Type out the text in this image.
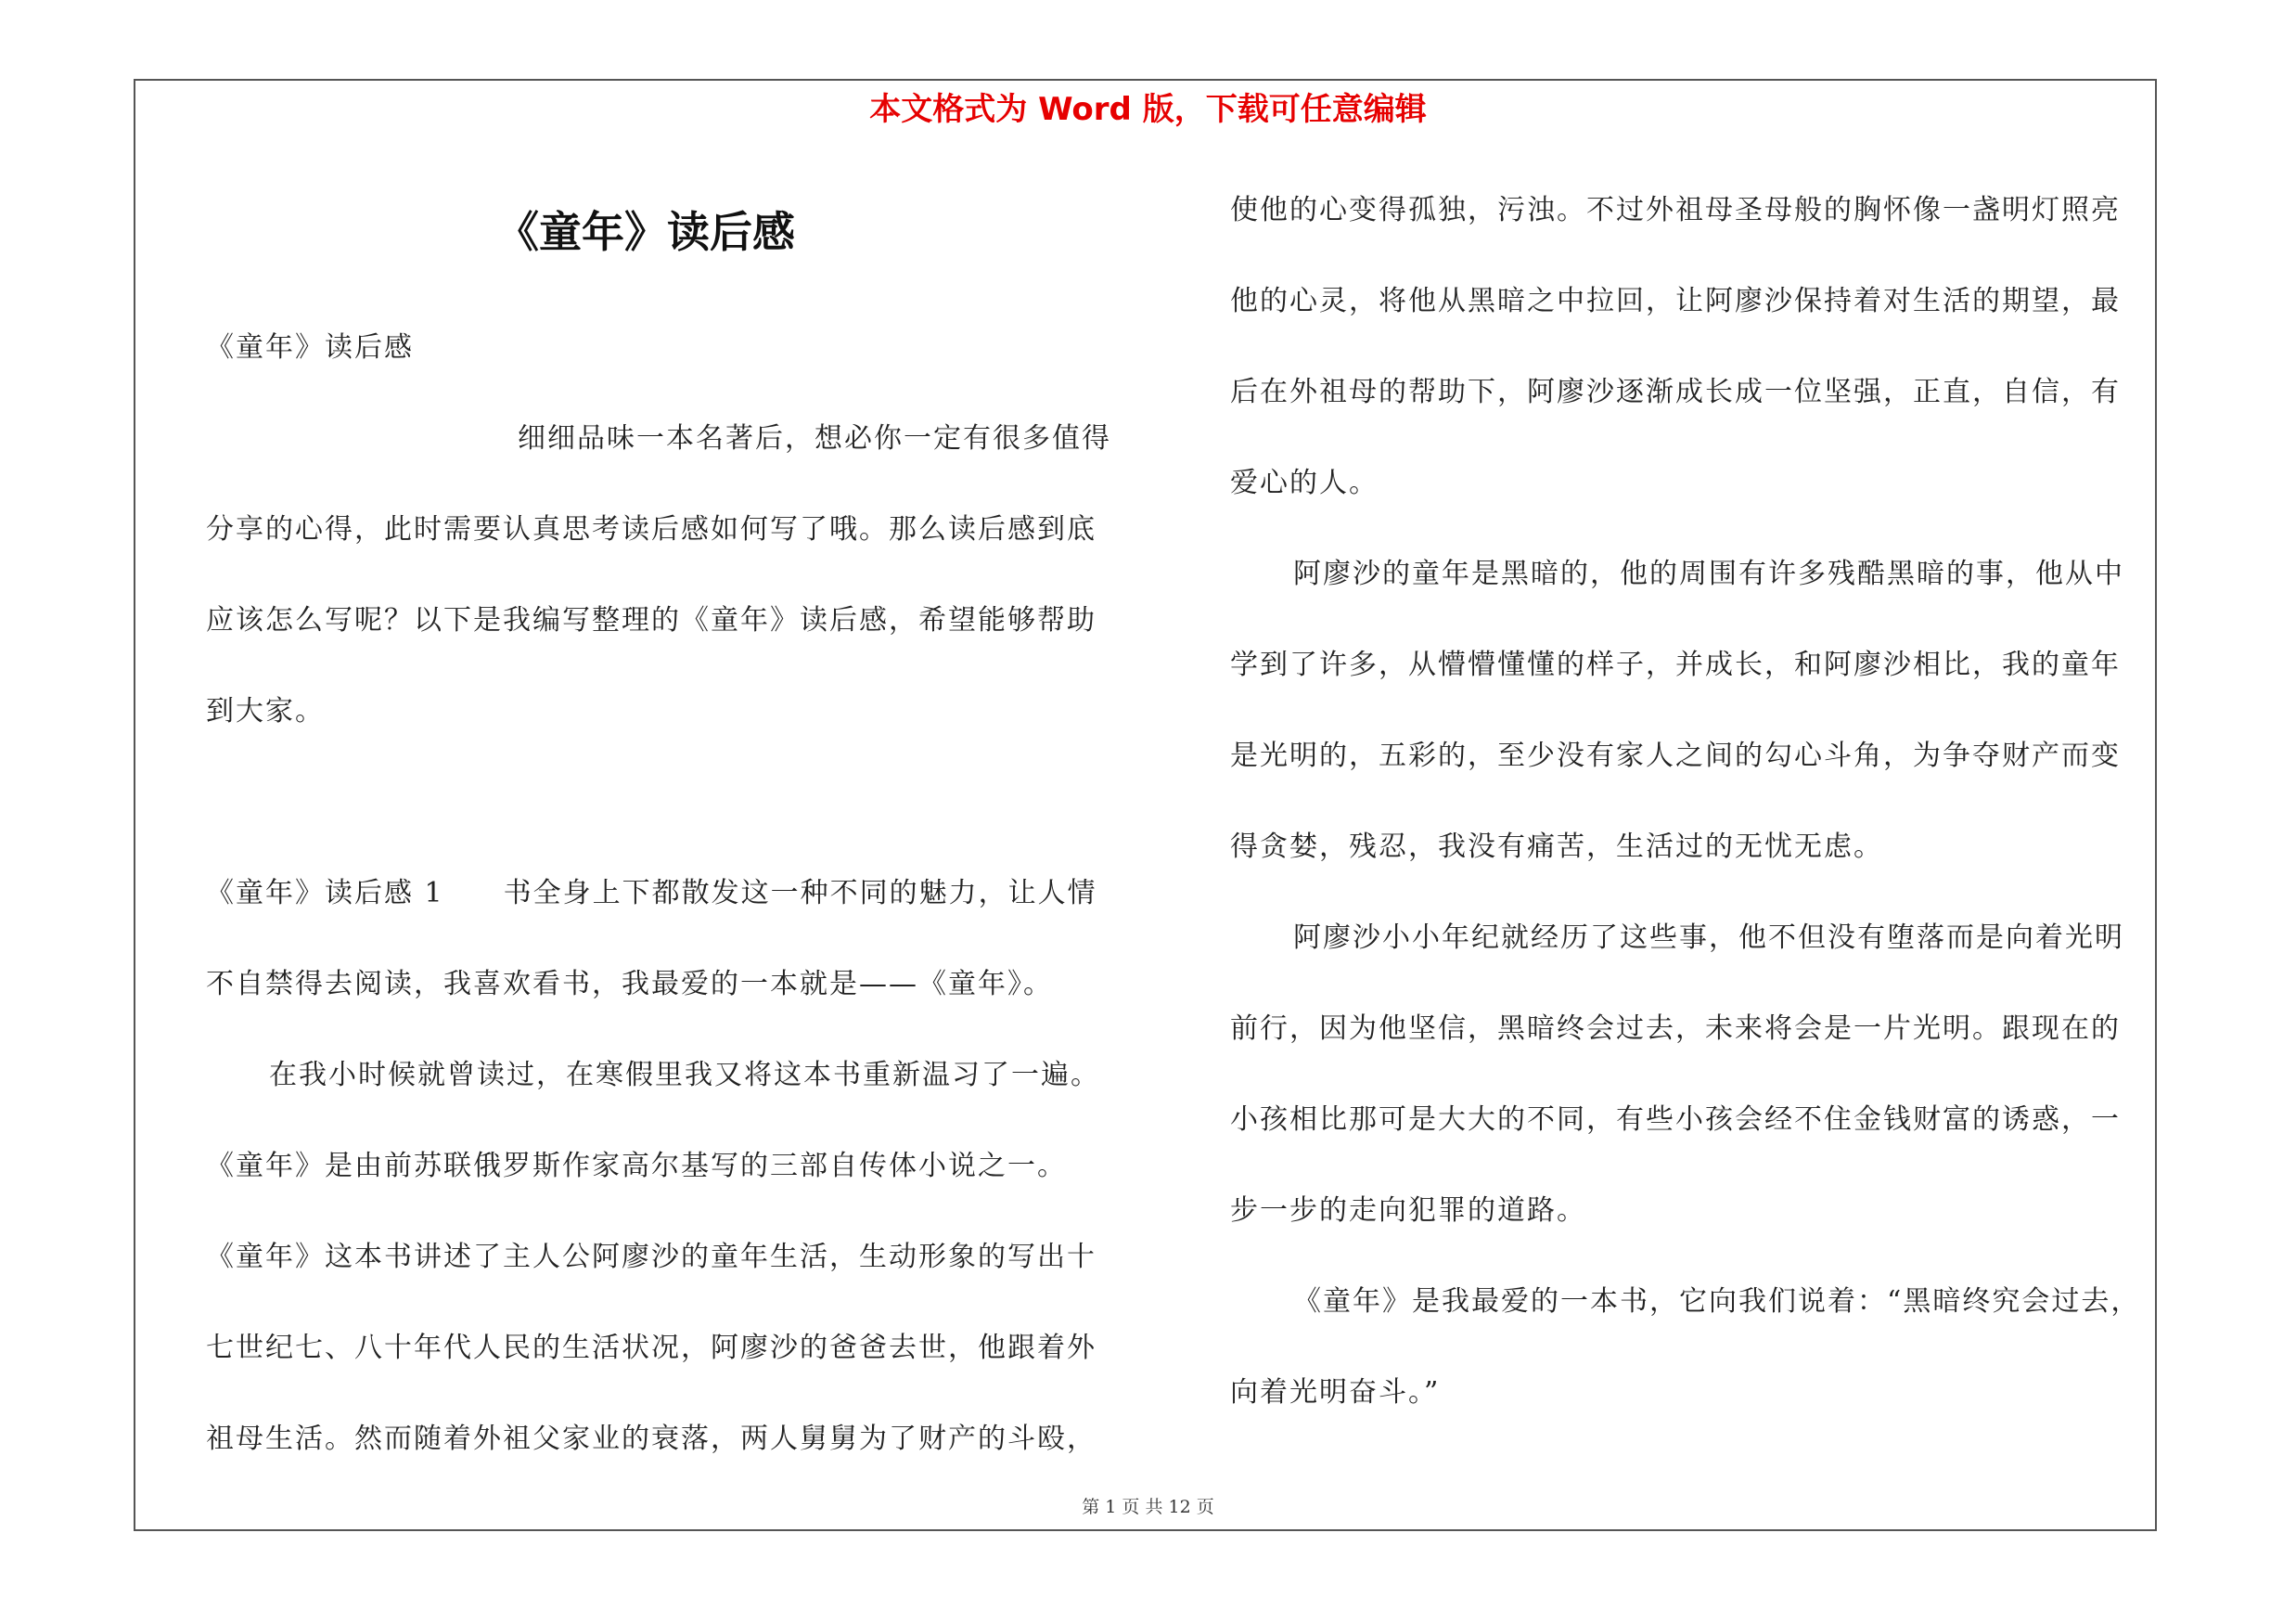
本文格式为 Word 版，下载可任意编辑
《童年》读后感
《童年》读后感
细细品味一本名著后，想必你一定有很多值得
分享的心得，此时需要认真思考读后感如何写了哦。那么读后感到底
应该怎么写呢？以下是我编写整理的《童年》读后感，希望能够帮助
到大家。
《童年》读后感 1　　书全身上下都散发这一种不同的魅力，让人情
不自禁得去阅读，我喜欢看书，我最爱的一本就是——《童年》。
在我小时候就曾读过，在寒假里我又将这本书重新温习了一遍。
《童年》是由前苏联俄罗斯作家高尔基写的三部自传体小说之一。
《童年》这本书讲述了主人公阿廖沙的童年生活，生动形象的写出十
七世纪七、八十年代人民的生活状况，阿廖沙的爸爸去世，他跟着外
祖母生活。然而随着外祖父家业的衰落，两人舅舅为了财产的斗殴，
使他的心变得孤独，污浊。不过外祖母圣母般的胸怀像一盏明灯照亮
他的心灵，将他从黑暗之中拉回，让阿廖沙保持着对生活的期望，最
后在外祖母的帮助下，阿廖沙逐渐成长成一位坚强，正直，自信，有
爱心的人。
阿廖沙的童年是黑暗的，他的周围有许多残酷黑暗的事，他从中
学到了许多，从懵懵懂懂的样子，并成长，和阿廖沙相比，我的童年
是光明的，五彩的，至少没有家人之间的勾心斗角，为争夺财产而变
得贪婪，残忍，我没有痛苦，生活过的无忧无虑。
阿廖沙小小年纪就经历了这些事，他不但没有堕落而是向着光明
前行，因为他坚信，黑暗终会过去，未来将会是一片光明。跟现在的
小孩相比那可是大大的不同，有些小孩会经不住金钱财富的诱惑，一
步一步的走向犯罪的道路。
《童年》是我最爱的一本书，它向我们说着：“黑暗终究会过去，
向着光明奋斗。”
第 1 页 共 12 页
